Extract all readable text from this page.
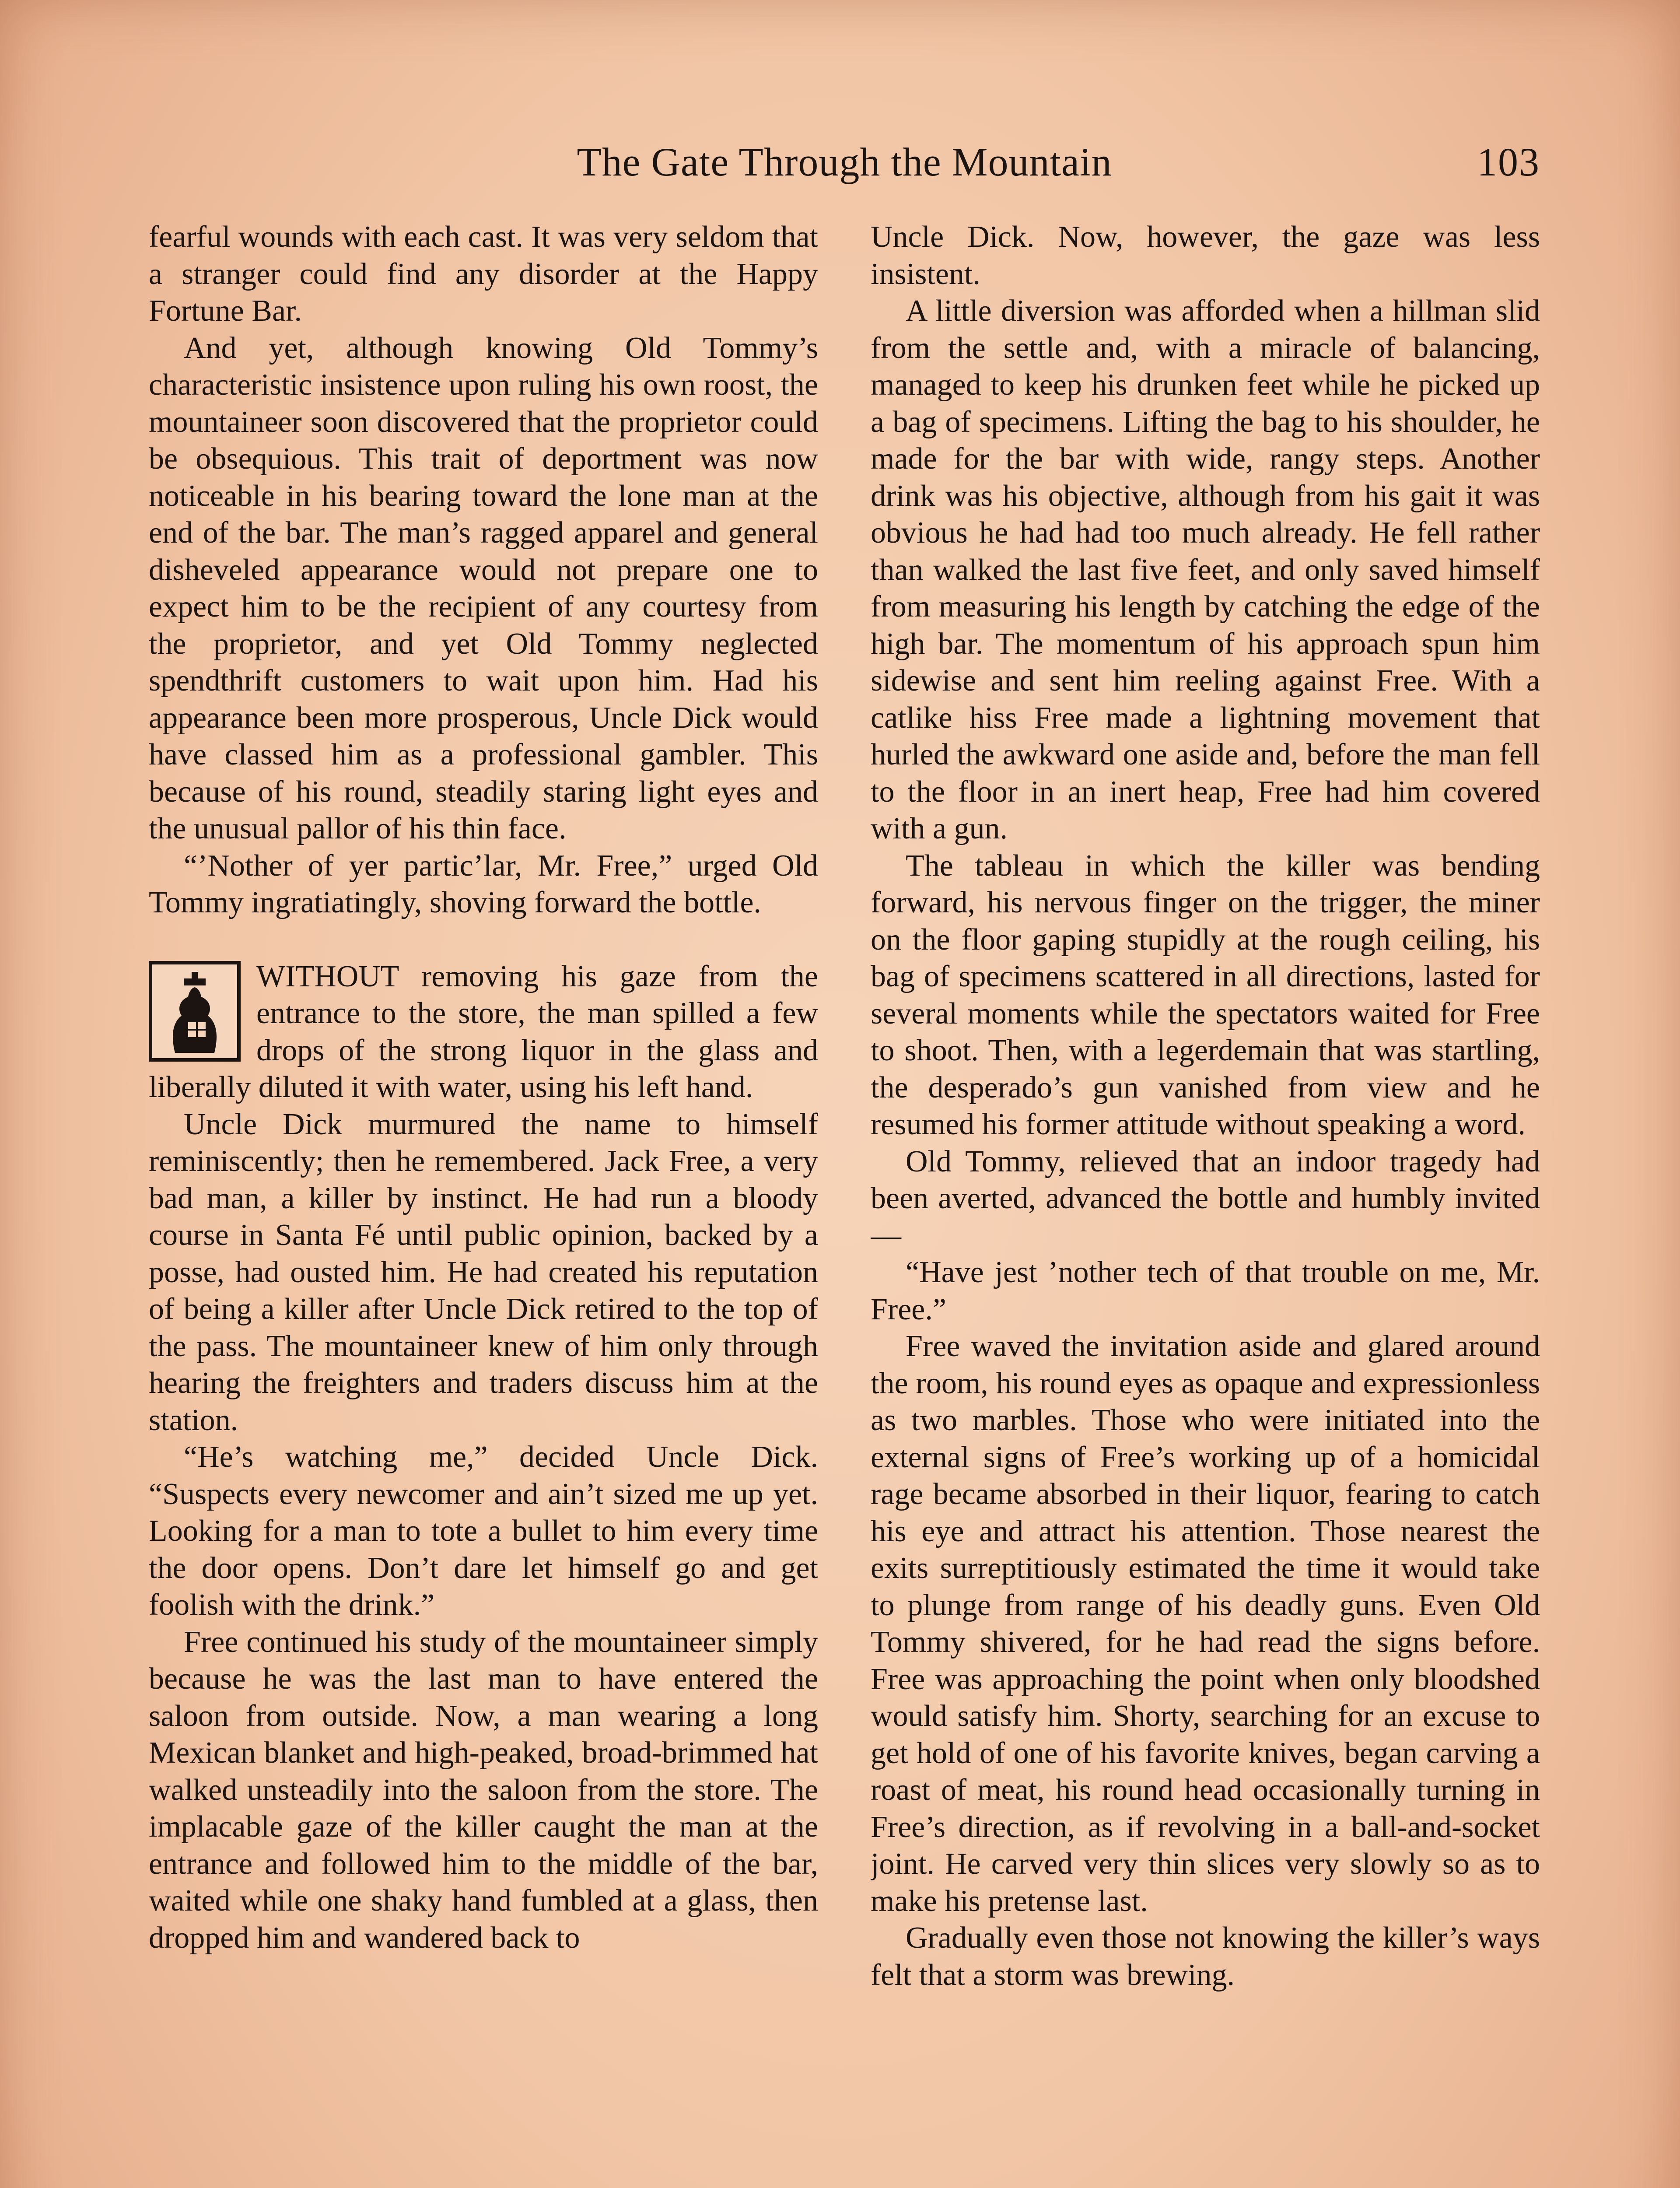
The Gate Through the Mountain	103

fearful wounds with each cast. It was very seldom that a stranger could find any disorder at the Happy Fortune Bar.

And yet, although knowing Old Tommy’s characteristic insistence upon ruling his own roost, the mountaineer soon discovered that the proprietor could be obsequious. This trait of deportment was now noticeable in his bearing toward the lone man at the end of the bar. The man’s ragged apparel and general disheveled appearance would not prepare one to expect him to be the recipient of any courtesy from the proprietor, and yet Old Tommy neglected spendthrift customers to wait upon him. Had his appearance been more prosperous, Uncle Dick would have classed him as a professional gambler. This because of his round, steadily staring light eyes and the unusual pallor of his thin face.

“’Nother of yer partic’lar, Mr. Free,” urged Old Tommy ingratiatingly, shoving forward the bottle.

WITHOUT removing his gaze from the entrance to the store, the man spilled a few drops of the strong liquor in the glass and liberally diluted it with water, using his left hand.

Uncle Dick murmured the name to himself reminiscently; then he remembered. Jack Free, a very bad man, a killer by instinct. He had run a bloody course in Santa Fé until public opinion, backed by a posse, had ousted him. He had created his reputation of being a killer after Uncle Dick retired to the top of the pass. The mountaineer knew of him only through hearing the freighters and traders discuss him at the station.

“He’s watching me,” decided Uncle Dick. “Suspects every newcomer and ain’t sized me up yet. Looking for a man to tote a bullet to him every time the door opens. Don’t dare let himself go and get foolish with the drink.”

Free continued his study of the mountaineer simply because he was the last man to have entered the saloon from outside. Now, a man wearing a long Mexican blanket and high-peaked, broad-brimmed hat walked unsteadily into the saloon from the store. The implacable gaze of the killer caught the man at the entrance and followed him to the middle of the bar, waited while one shaky hand fumbled at a glass, then dropped him and wandered back to

Uncle Dick. Now, however, the gaze was less insistent.

A little diversion was afforded when a hillman slid from the settle and, with a miracle of balancing, managed to keep his drunken feet while he picked up a bag of specimens. Lifting the bag to his shoulder, he made for the bar with wide, rangy steps. Another drink was his objective, although from his gait it was obvious he had had too much already. He fell rather than walked the last five feet, and only saved himself from measuring his length by catching the edge of the high bar. The momentum of his approach spun him sidewise and sent him reeling against Free. With a catlike hiss Free made a lightning movement that hurled the awkward one aside and, before the man fell to the floor in an inert heap, Free had him covered with a gun.

The tableau in which the killer was bending forward, his nervous finger on the trigger, the miner on the floor gaping stupidly at the rough ceiling, his bag of specimens scattered in all directions, lasted for several moments while the spectators waited for Free to shoot. Then, with a legerdemain that was startling, the desperado’s gun vanished from view and he resumed his former attitude without speaking a word.

Old Tommy, relieved that an indoor tragedy had been averted, advanced the bottle and humbly invited—

“Have jest ’nother tech of that trouble on me, Mr. Free.”

Free waved the invitation aside and glared around the room, his round eyes as opaque and expressionless as two marbles. Those who were initiated into the external signs of Free’s working up of a homicidal rage became absorbed in their liquor, fearing to catch his eye and attract his attention. Those nearest the exits surreptitiously estimated the time it would take to plunge from range of his deadly guns. Even Old Tommy shivered, for he had read the signs before. Free was approaching the point when only bloodshed would satisfy him. Shorty, searching for an excuse to get hold of one of his favorite knives, began carving a roast of meat, his round head occasionally turning in Free’s direction, as if revolving in a ball-and-socket joint. He carved very thin slices very slowly so as to make his pretense last.

Gradually even those not knowing the killer’s ways felt that a storm was brewing.
